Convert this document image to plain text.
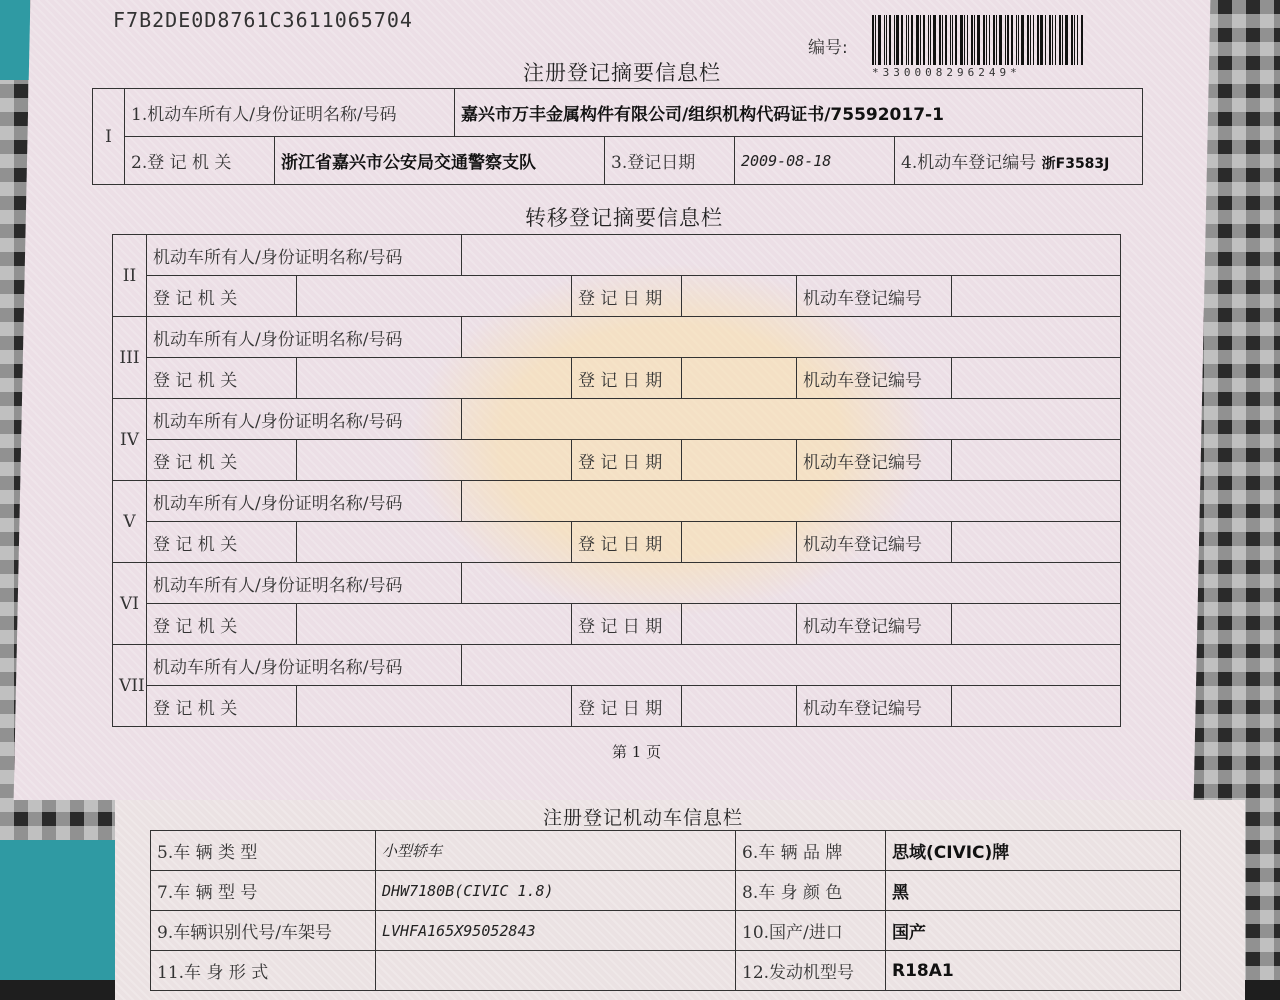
F7B2DE0D8761C3611065704
编号:
*330008296249*
注册登记摘要信息栏
I	1.机动车所有人/身份证明名称/号码		嘉兴市万丰金属构件有限公司/组织机构代码证书/75592017-1			
	2.登 记 机 关	浙江省嘉兴市公安局交通警察支队		3.登记日期	2009-08-18	4.机动车登记编号 浙F3583J
转移登记摘要信息栏
II	机动车所有人/身份证明名称/号码						
	登 记 机 关			登 记 日 期		机动车登记编号	
III	机动车所有人/身份证明名称/号码						
	登 记 机 关			登 记 日 期		机动车登记编号	
IV	机动车所有人/身份证明名称/号码						
	登 记 机 关			登 记 日 期		机动车登记编号	
V	机动车所有人/身份证明名称/号码						
	登 记 机 关			登 记 日 期		机动车登记编号	
VI	机动车所有人/身份证明名称/号码						
	登 记 机 关			登 记 日 期		机动车登记编号	
VII	机动车所有人/身份证明名称/号码						
	登 记 机 关			登 记 日 期		机动车登记编号	
第 1 页
注册登记机动车信息栏
5.车 辆 类 型	小型轿车	6.车 辆 品 牌	思域(CIVIC)牌
7.车 辆 型 号	DHW7180B(CIVIC 1.8)	8.车 身 颜 色	黑
9.车辆识别代号/车架号	LVHFA165X95052843	10.国产/进口	国产
11.车 身 形 式		12.发动机型号	R18A1
